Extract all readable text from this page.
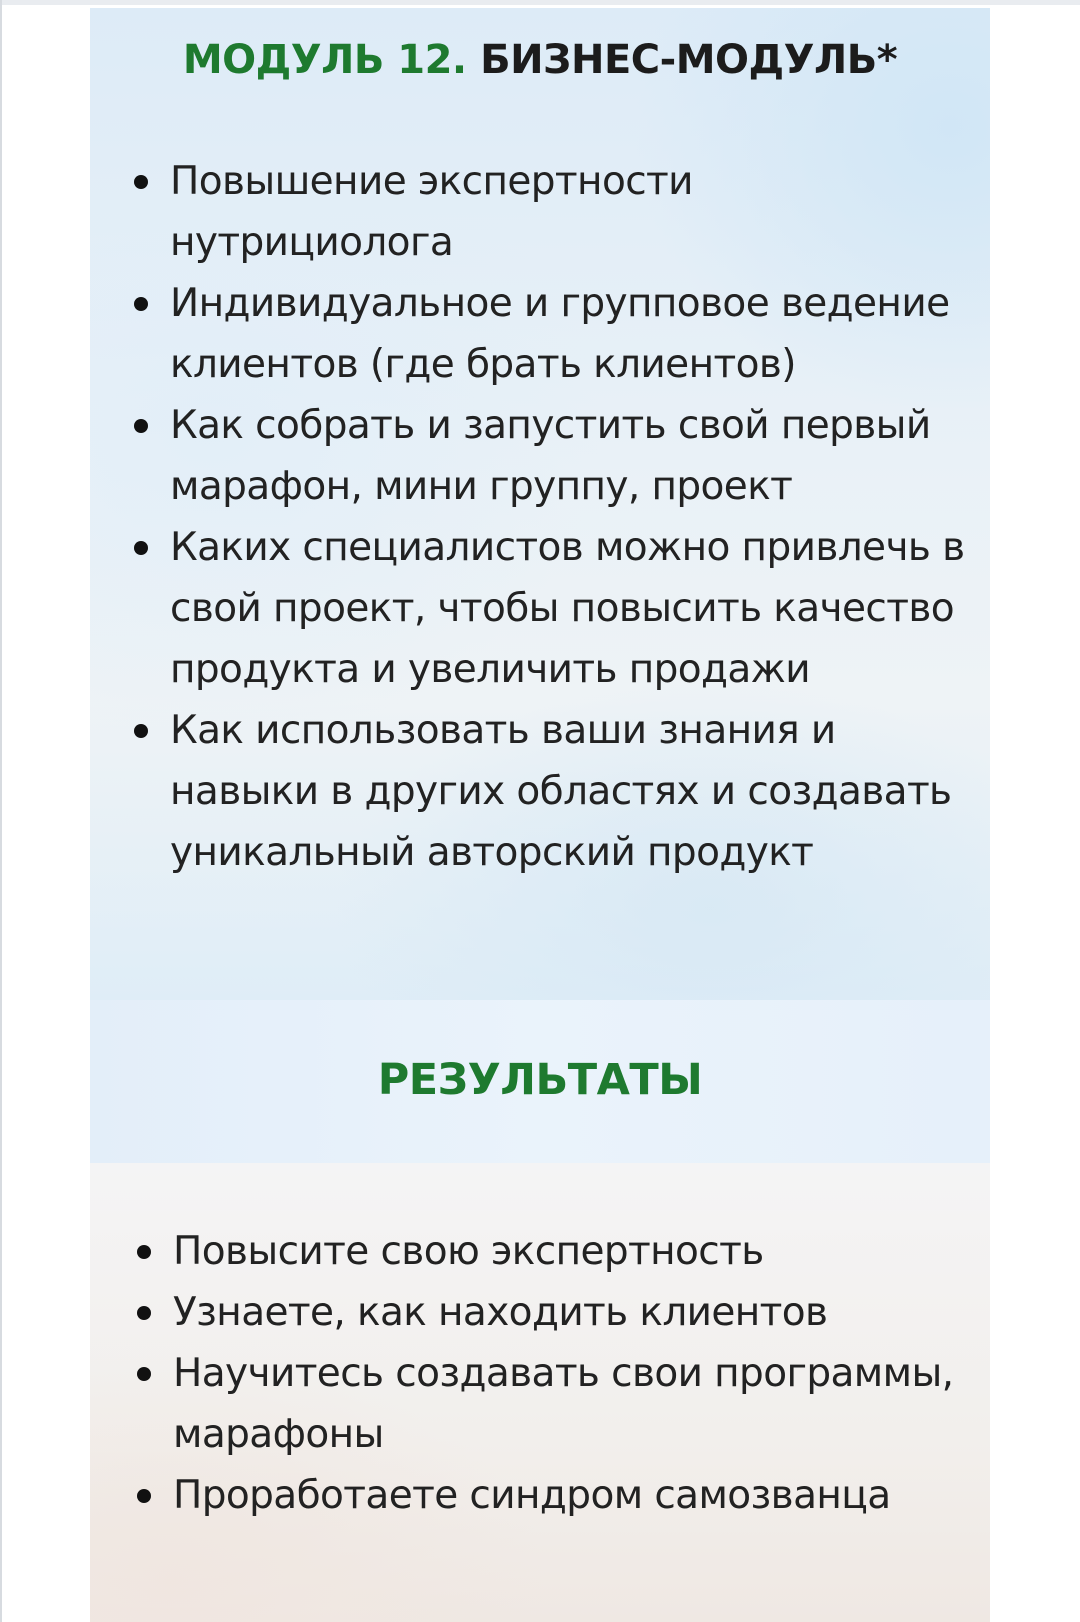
МОДУЛЬ 12. БИЗНЕС-МОДУЛЬ*
Повышение экспертности нутрициолога
Индивидуальное и групповое ведение клиентов (где брать клиентов)
Как собрать и запустить свой первый марафон, мини группу, проект
Каких специалистов можно привлечь в свой проект, чтобы повысить качество продукта и увеличить продажи
Как использовать ваши знания и навыки в других областях и создавать уникальный авторский продукт
РЕЗУЛЬТАТЫ
Повысите свою экспертность
Узнаете, как находить клиентов
Научитесь создавать свои программы, марафоны
Проработаете синдром самозванца
